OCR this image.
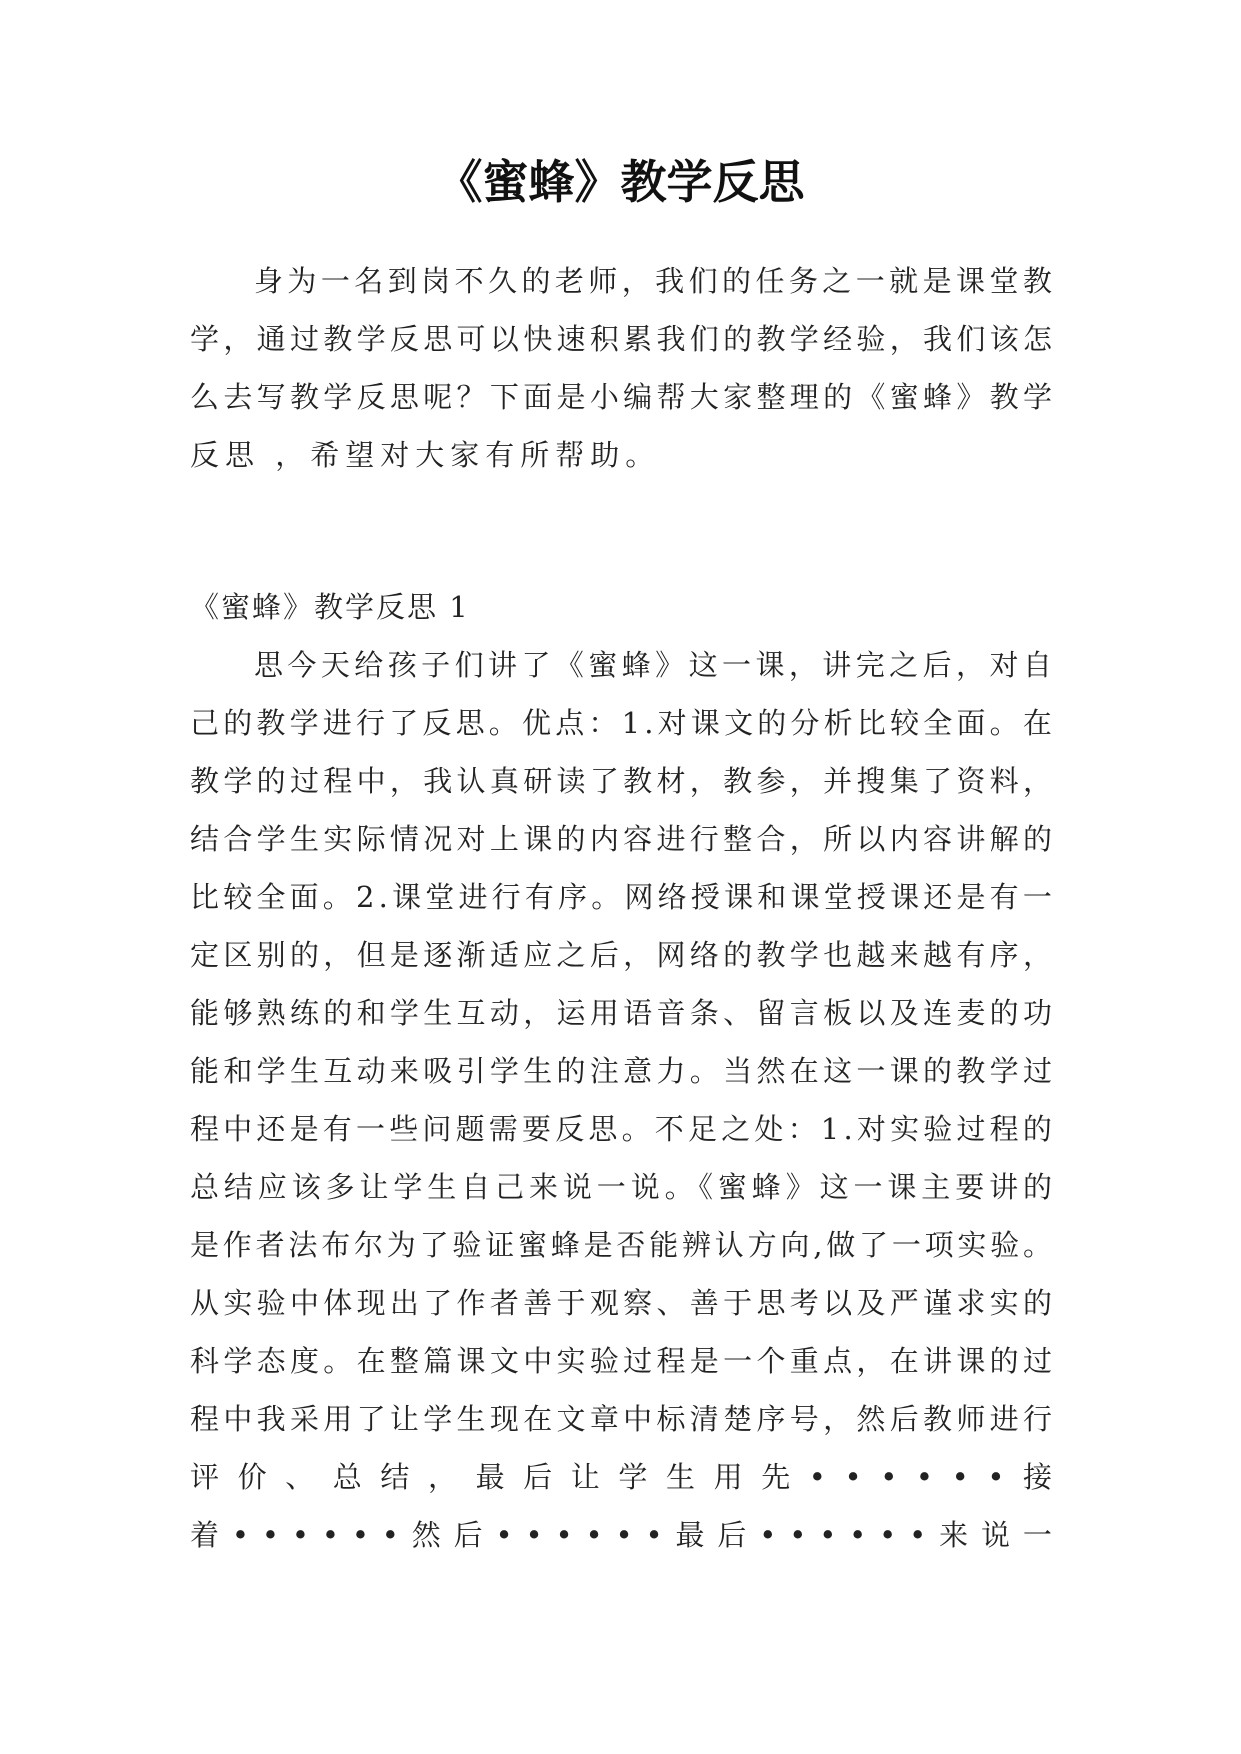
《蜜蜂》教学反思
身为一名到岗不久的老师，我们的任务之一就是课堂教
学，通过教学反思可以快速积累我们的教学经验，我们该怎
么去写教学反思呢？下面是小编帮大家整理的《蜜蜂》教学
反思 ，希望对大家有所帮助。
《蜜蜂》教学反思 1
思今天给孩子们讲了《蜜蜂》这一课，讲完之后，对自
己的教学进行了反思。优点：1.对课文的分析比较全面。在
教学的过程中，我认真研读了教材，教参，并搜集了资料，
结合学生实际情况对上课的内容进行整合，所以内容讲解的
比较全面。2.课堂进行有序。网络授课和课堂授课还是有一
定区别的，但是逐渐适应之后，网络的教学也越来越有序，
能够熟练的和学生互动，运用语音条、留言板以及连麦的功
能和学生互动来吸引学生的注意力。当然在这一课的教学过
程中还是有一些问题需要反思。不足之处：1.对实验过程的
总结应该多让学生自己来说一说。《蜜蜂》这一课主要讲的
是作者法布尔为了验证蜜蜂是否能辨认方向,做了一项实验。
从实验中体现出了作者善于观察、善于思考以及严谨求实的
科学态度。在整篇课文中实验过程是一个重点，在讲课的过
程中我采用了让学生现在文章中标清楚序号，然后教师进行
评价、总结，最后让学生用先••••••接
着••••••然后••••••最后••••••来说一
